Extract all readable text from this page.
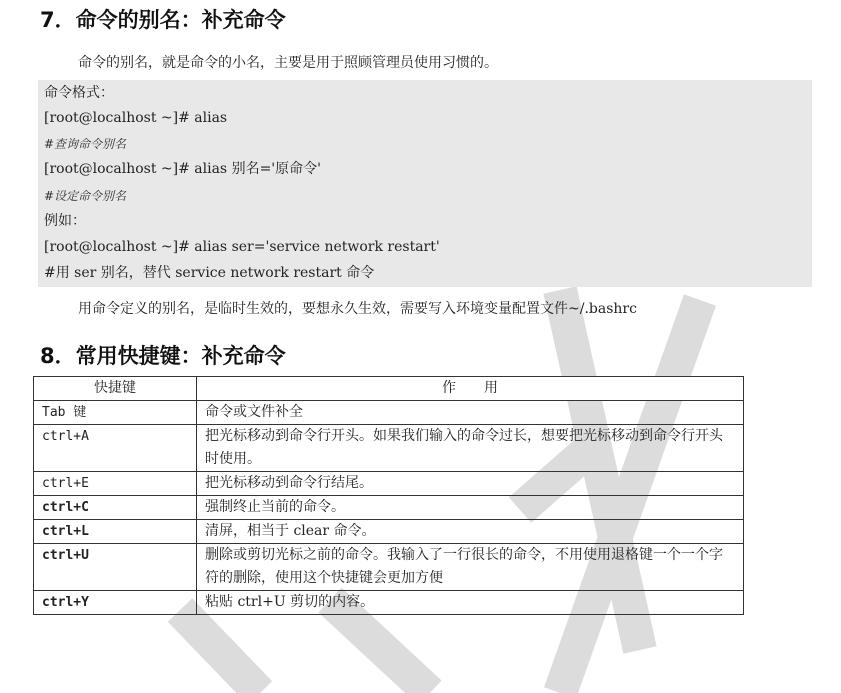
7．命令的别名：补充命令
命令的别名，就是命令的小名，主要是用于照顾管理员使用习惯的。
命令格式：
[root@localhost ~]# alias
#查询命令别名
[root@localhost ~]# alias 别名='原命令'
#设定命令别名
例如：
[root@localhost ~]# alias ser='service network restart'
#用 ser 别名，替代 service network restart 命令
用命令定义的别名，是临时生效的，要想永久生效，需要写入环境变量配置文件~/.bashrc
8．常用快捷键：补充命令
快捷键	作　　用
Tab 键	命令或文件补全
ctrl+A	把光标移动到命令行开头。如果我们输入的命令过长，想要把光标移动到命令行开头时使用。
ctrl+E	把光标移动到命令行结尾。
ctrl+C	强制终止当前的命令。
ctrl+L	清屏，相当于 clear 命令。
ctrl+U	删除或剪切光标之前的命令。我输入了一行很长的命令，不用使用退格键一个一个字符的删除，使用这个快捷键会更加方便
ctrl+Y	粘贴 ctrl+U 剪切的内容。
